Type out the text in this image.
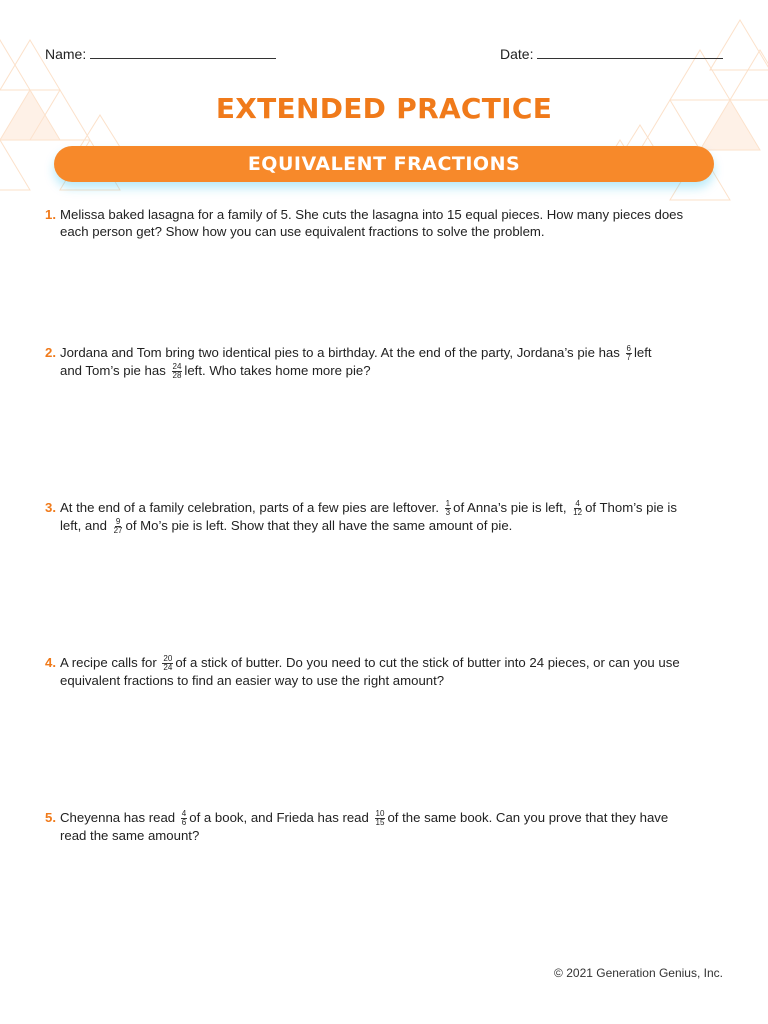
Name:	Date:
EXTENDED PRACTICE
EQUIVALENT FRACTIONS
1. Melissa baked lasagna for a family of 5. She cuts the lasagna into 15 equal pieces. How many pieces does
each person get? Show how you can use equivalent fractions to solve the problem.
2. Jordana and Tom bring two identical pies to a birthday. At the end of the party, Jordana’s pie has $\frac{6}{7}$ left
and Tom’s pie has $\frac{24}{28}$ left. Who takes home more pie?
3. At the end of a family celebration, parts of a few pies are leftover. $\frac{1}{3}$ of Anna’s pie is left, $\frac{4}{12}$ of Thom’s pie is
left, and $\frac{9}{27}$ of Mo’s pie is left. Show that they all have the same amount of pie.
4. A recipe calls for $\frac{20}{24}$ of a stick of butter. Do you need to cut the stick of butter into 24 pieces, or can you use
equivalent fractions to find an easier way to use the right amount?
5. Cheyenna has read $\frac{4}{6}$ of a book, and Frieda has read $\frac{10}{15}$ of the same book. Can you prove that they have
read the same amount?
© 2021 Generation Genius, Inc.
